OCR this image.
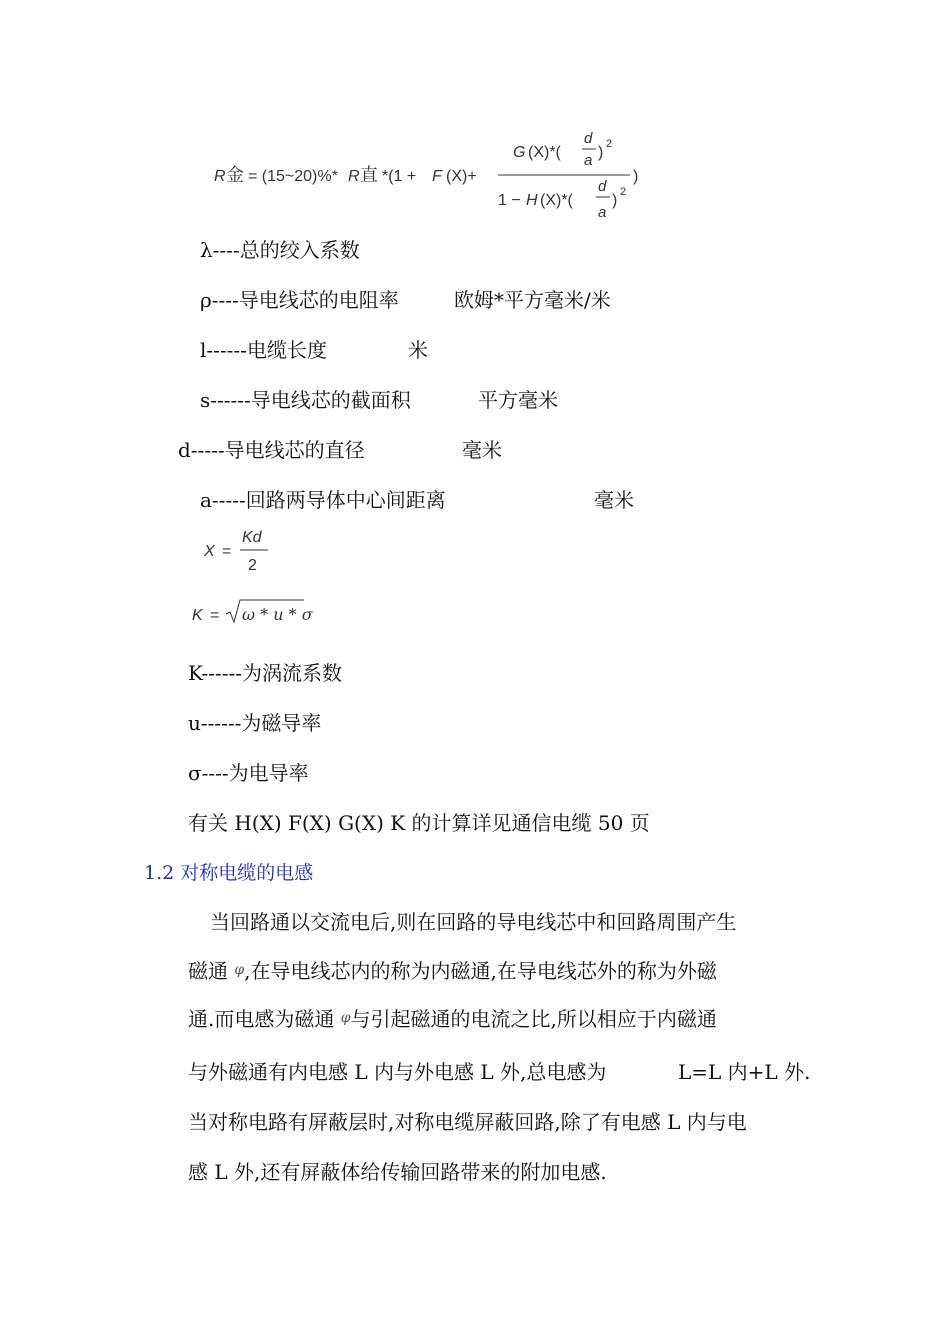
R 金 = (15~20)%* R 直 *(1 + F (X)+
G (X)*(
d
a ) 2
1 − H (X)*(
d
a
) 2
)
λ----总的绞入系数
ρ----导电线芯的电阻率	欧姆*平方毫米/米
l------电缆长度	米
s------导电线芯的截面积	平方毫米
d-----导电线芯的直径	毫米
a-----回路两导体中心间距离	毫米
X =
Kd
2
K = ω * u * σ
K------为涡流系数
u------为磁导率
σ----为电导率
有关 H(X) F(X) G(X) K 的计算详见通信电缆 50 页
1.2 对称电缆的电感
当回路通以交流电后,则在回路的导电线芯中和回路周围产生
磁通 $^\varphi$,在导电线芯内的称为内磁通,在导电线芯外的称为外磁
通.而电感为磁通 $^\varphi$与引起磁通的电流之比,所以相应于内磁通
与外磁通有内电感 L 内与外电感 L 外,总电感为	L=L 内+L 外.
当对称电路有屏蔽层时,对称电缆屏蔽回路,除了有电感 L 内与电
感 L 外,还有屏蔽体给传输回路带来的附加电感.
